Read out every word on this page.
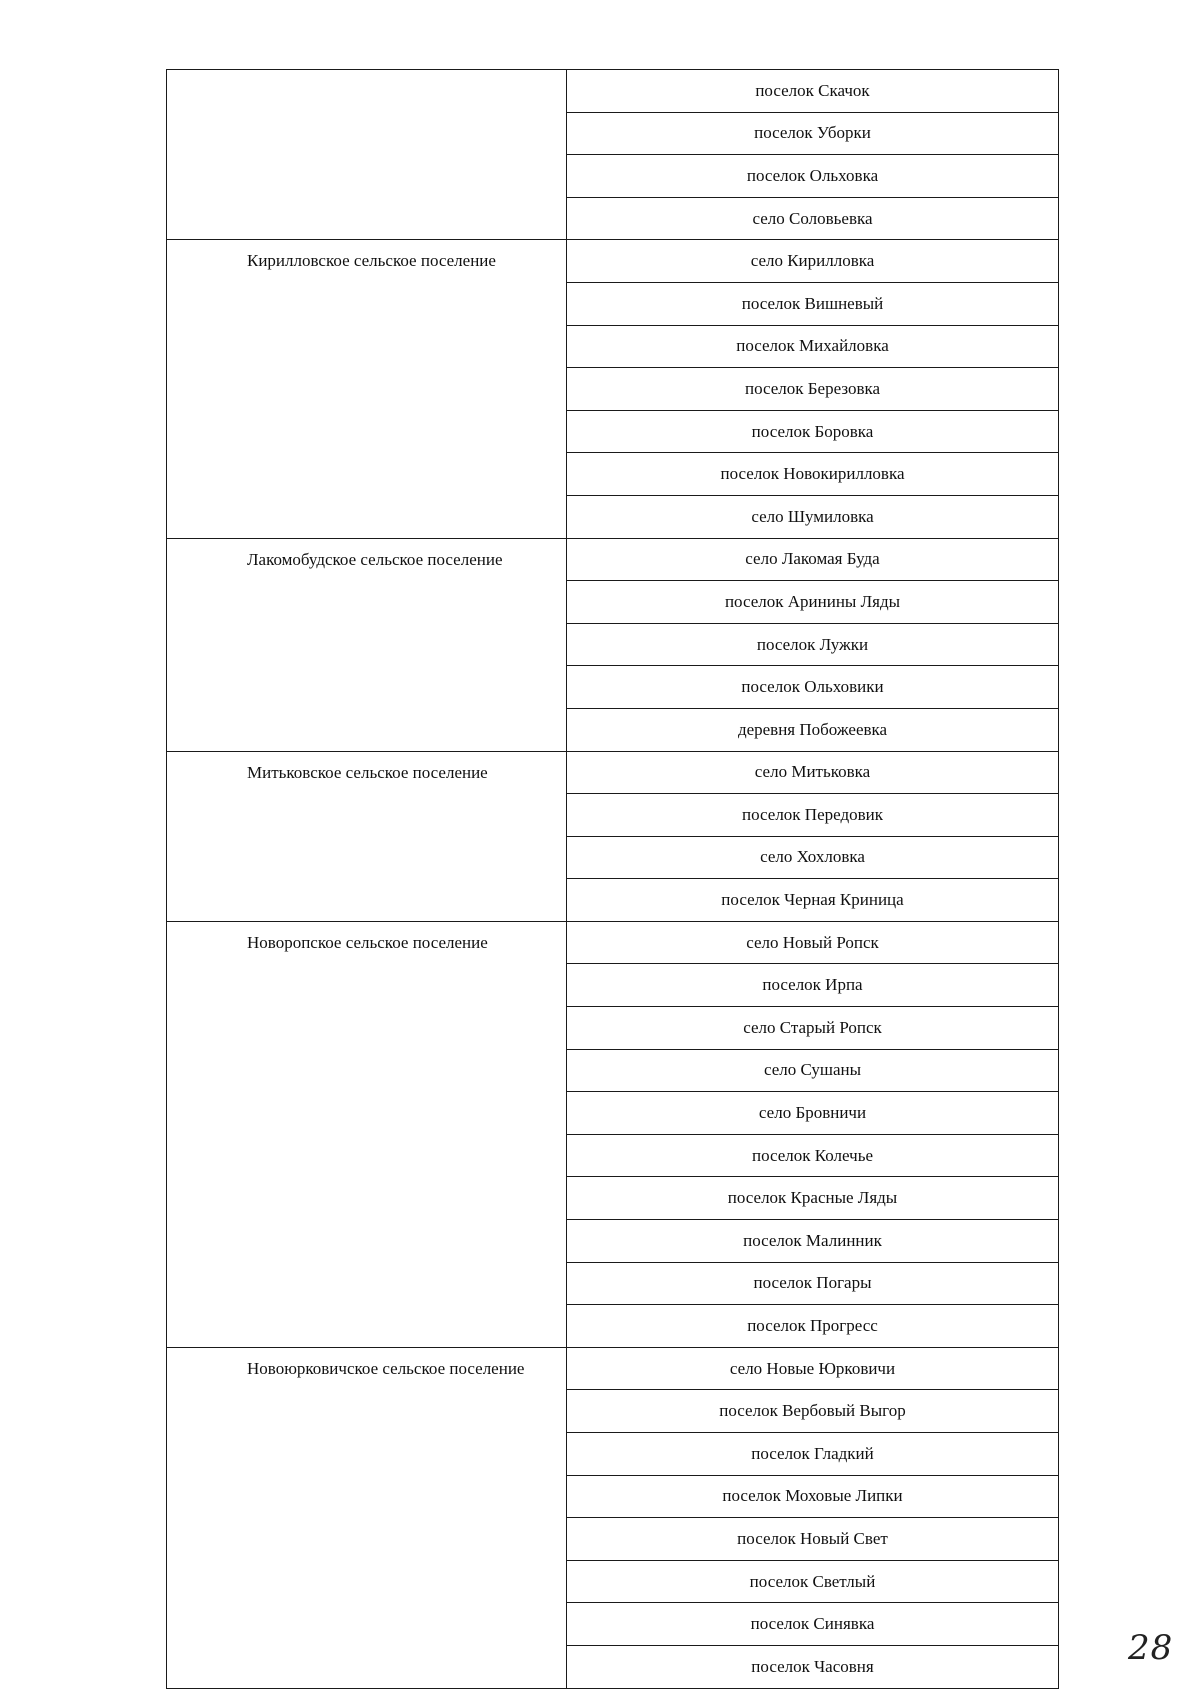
	поселок Скачок
	поселок Уборки
	поселок Ольховка
	село Соловьевка
Кирилловское сельское поселение	село Кирилловка
	поселок Вишневый
	поселок Михайловка
	поселок Березовка
	поселок Боровка
	поселок Новокирилловка
	село Шумиловка
Лакомобудское сельское поселение	село Лакомая Буда
	поселок Аринины Ляды
	поселок Лужки
	поселок Ольховики
	деревня Побожеевка
Митьковское сельское поселение	село Митьковка
	поселок Передовик
	село Хохловка
	поселок Черная Криница
Новоропское сельское поселение	село Новый Ропск
	поселок Ирпа
	село Старый Ропск
	село Сушаны
	село Бровничи
	поселок Колечье
	поселок Красные Ляды
	поселок Малинник
	поселок Погары
	поселок Прогресс
Новоюрковичское сельское поселение	село Новые Юрковичи
	поселок Вербовый Выгор
	поселок Гладкий
	поселок Моховые Липки
	поселок Новый Свет
	поселок Светлый
	поселок Синявка
	поселок Часовня	28
